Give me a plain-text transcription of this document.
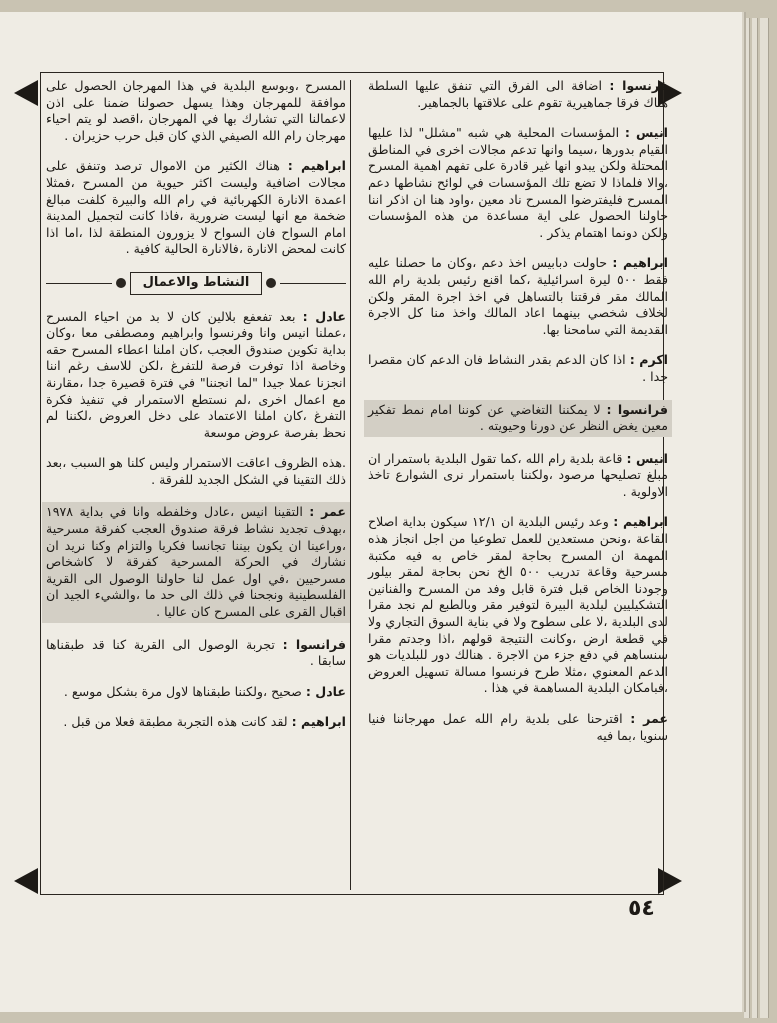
فرنسوا : اضافة الى الفرق التي تنفق عليها السلطة هناك فرقا جماهيرية تقوم على علاقتها بالجماهير.

انيس : المؤسسات المحلية هي شبه "مشلل" لذا عليها القيام بدورها ،سيما وانها تدعم مجالات اخرى في المناطق المحتلة ولكن يبدو انها غير قادرة على تفهم اهمية المسرح ،والا فلماذا لا تضع تلك المؤسسات في لوائح نشاطها دعم المسرح فليفترضوا المسرح ناد معين ،واود هنا ان اذكر اننا حاولنا الحصول على اية مساعدة من هذه المؤسسات ولكن دونما اهتمام يذكر .

ابراهيم : حاولت دبابيس اخذ دعم ،وكان ما حصلنا عليه فقط ٥٠٠ ليرة اسرائيلية ،كما اقنع رئيس بلدية رام الله المالك مقر فرقتنا بالتساهل في اخذ اجرة المقر ولكن لخلاف شخصي بينهما اعاد المالك واخذ منا كل الاجرة القديمة التي سامحنا بها.

اكرم : اذا كان الدعم بقدر النشاط فان الدعم كان مقصرا جدا .

فرانسوا : لا يمكننا التغاضي عن كوننا امام نمط تفكير معين يغض النظر عن دورنا وحيويته .

انيس : قاعة بلدية رام الله ،كما تقول البلدية باستمرار ان مبلغ تصليحها مرصود ،ولكننا باستمرار نرى الشوارع تاخذ الاولوية .

ابراهيم : وعد رئيس البلدية ان ١٢/١ سيكون بداية اصلاح القاعة ،ونحن مستعدين للعمل تطوعيا من اجل انجاز هذه المهمة ان المسرح بحاجة لمقر خاص به فيه مكتبة مسرحية وقاعة تدريب ٥٠٠ الخ نحن بحاجة لمقر بيلور وجودنا الخاص قبل فترة قابل وفد من المسرح والفنانين التشكيليين لبلدية البيرة لتوفير مقر وبالطبع لم نجد مقرا لدى البلدية ،لا على سطوح ولا في بناية السوق التجاري ولا في قطعة ارض ،وكانت النتيجة قولهم ،اذا وجدتم مقرا سنساهم في دفع جزء من الاجرة . هنالك دور للبلديات هو الدعم المعنوي ،مثلا طرح فرنسوا مسالة تسهيل العروض ،فبامكان البلدية المساهمة في هذا .

عمر : اقترحنا على بلدية رام الله عمل مهرجاننا فنيا سنويا ،بما فيه

المسرح ،وبوسع البلدية في هذا المهرجان الحصول على موافقة للمهرجان وهذا يسهل حصولنا ضمنا على اذن لاعمالنا التي تشارك بها في المهرجان ،اقصد لو يتم احياء مهرجان رام الله الصيفي الذي كان قبل حرب حزيران .

ابراهيم : هناك الكثير من الاموال ترصد وتنفق على مجالات اضافية وليست اكثر حيوية من المسرح ،فمثلا اعمدة الانارة الكهربائية في رام الله والبيرة كلفت مبالغ ضخمة مع انها ليست ضرورية ،فاذا كانت لتجميل المدينة امام السواح فان السواح لا يزورون المنطقة لذا ،اما اذا كانت لمحض الانارة ،فالانارة الحالية كافية .

النشاط والاعمال

عادل : بعد تفعفع بلالين كان لا بد من احياء المسرح ،عملنا انيس وانا وفرنسوا وابراهيم ومصطفى معا ،وكان بداية تكوين صندوق العجب ،كان املنا اعطاء المسرح حقه وخاصة اذا توفرت فرصة للتفرغ ،لكن للاسف رغم اننا انجزنا عملا جيدا "لما انجننا" في فترة قصيرة جدا ،مقارنة مع اعمال اخرى ،لم نستطع الاستمرار في تنفيذ فكرة التفرغ ،كان املنا الاعتماد على دخل العروض ،لكننا لم نحظ بفرصة عروض موسعة

.هذه الظروف اعاقت الاستمرار وليس كلنا هو السبب ،بعد ذلك التقينا في الشكل الجديد للفرقة .

عمر : التقينا انيس ،عادل وخلفطه وانا في بداية ١٩٧٨ ،بهدف تجديد نشاط فرقة صندوق العجب كفرقة مسرحية ،وراعينا ان يكون بيننا تجانسا فكريا والتزام وكنا نريد ان نشارك في الحركة المسرحية كفرقة لا كاشخاص مسرحيين ،في اول عمل لنا حاولنا الوصول الى القرية الفلسطينية ونجحنا في ذلك الى حد ما ،والشيء الجيد ان اقبال القرى على المسرح كان عاليا .

فرانسوا : تجربة الوصول الى القرية كنا قد طبقناها سابقا .

عادل : صحيح ،ولكننا طبقناها لاول مرة بشكل موسع .

ابراهيم : لقد كانت هذه التجربة مطبقة فعلا من قبل .

٥٤
